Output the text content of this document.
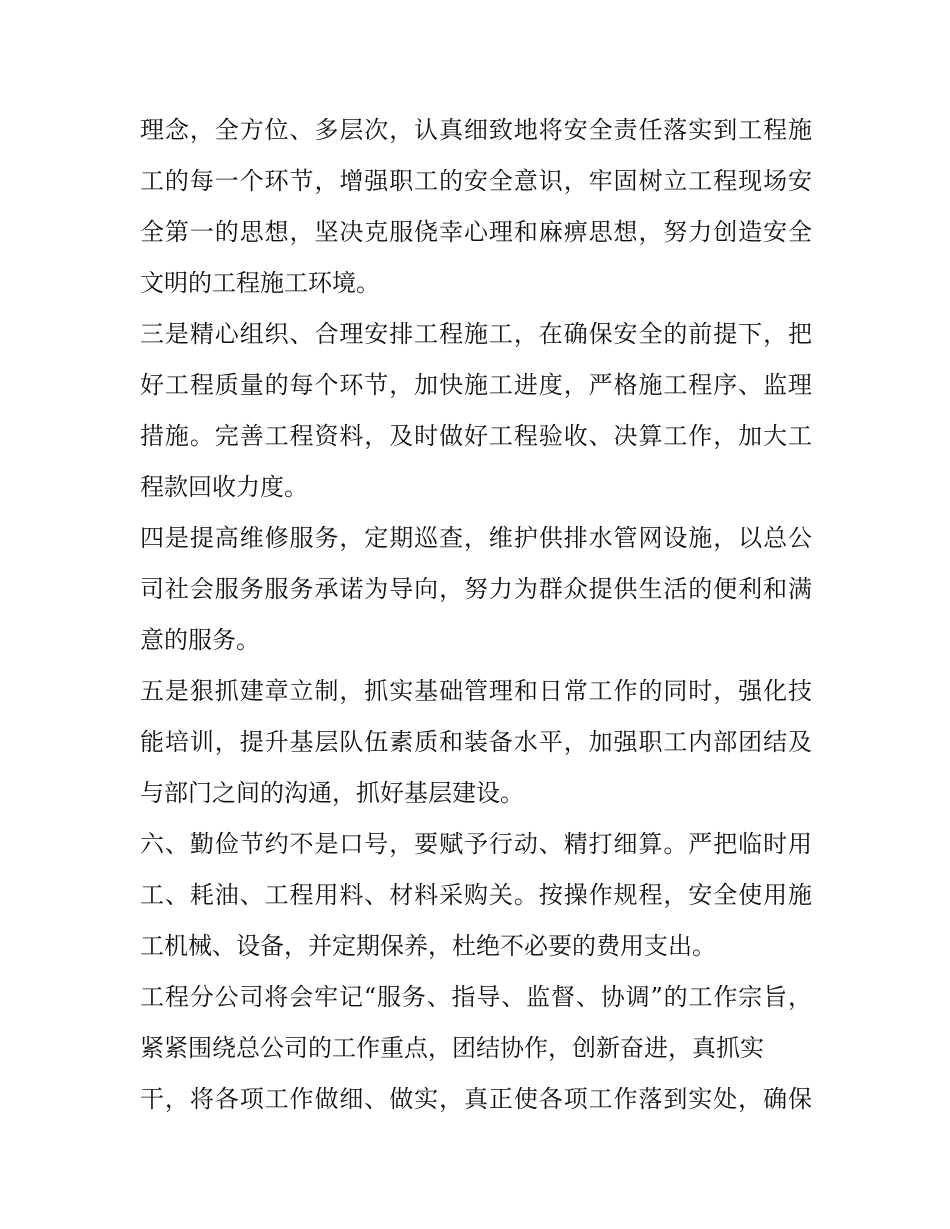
理念，全方位、多层次，认真细致地将安全责任落实到工程施
工的每一个环节，增强职工的安全意识，牢固树立工程现场安
全第一的思想，坚决克服侥幸心理和麻痹思想，努力创造安全
文明的工程施工环境。
三是精心组织、合理安排工程施工，在确保安全的前提下，把
好工程质量的每个环节，加快施工进度，严格施工程序、监理
措施。完善工程资料，及时做好工程验收、决算工作，加大工
程款回收力度。
四是提高维修服务，定期巡查，维护供排水管网设施，以总公
司社会服务服务承诺为导向，努力为群众提供生活的便利和满
意的服务。
五是狠抓建章立制，抓实基础管理和日常工作的同时，强化技
能培训，提升基层队伍素质和装备水平，加强职工内部团结及
与部门之间的沟通，抓好基层建设。
六、勤俭节约不是口号，要赋予行动、精打细算。严把临时用
工、耗油、工程用料、材料采购关。按操作规程，安全使用施
工机械、设备，并定期保养，杜绝不必要的费用支出。
工程分公司将会牢记“服务、指导、监督、协调”的工作宗旨，
紧紧围绕总公司的工作重点，团结协作，创新奋进，真抓实
干，将各项工作做细、做实，真正使各项工作落到实处，确保
